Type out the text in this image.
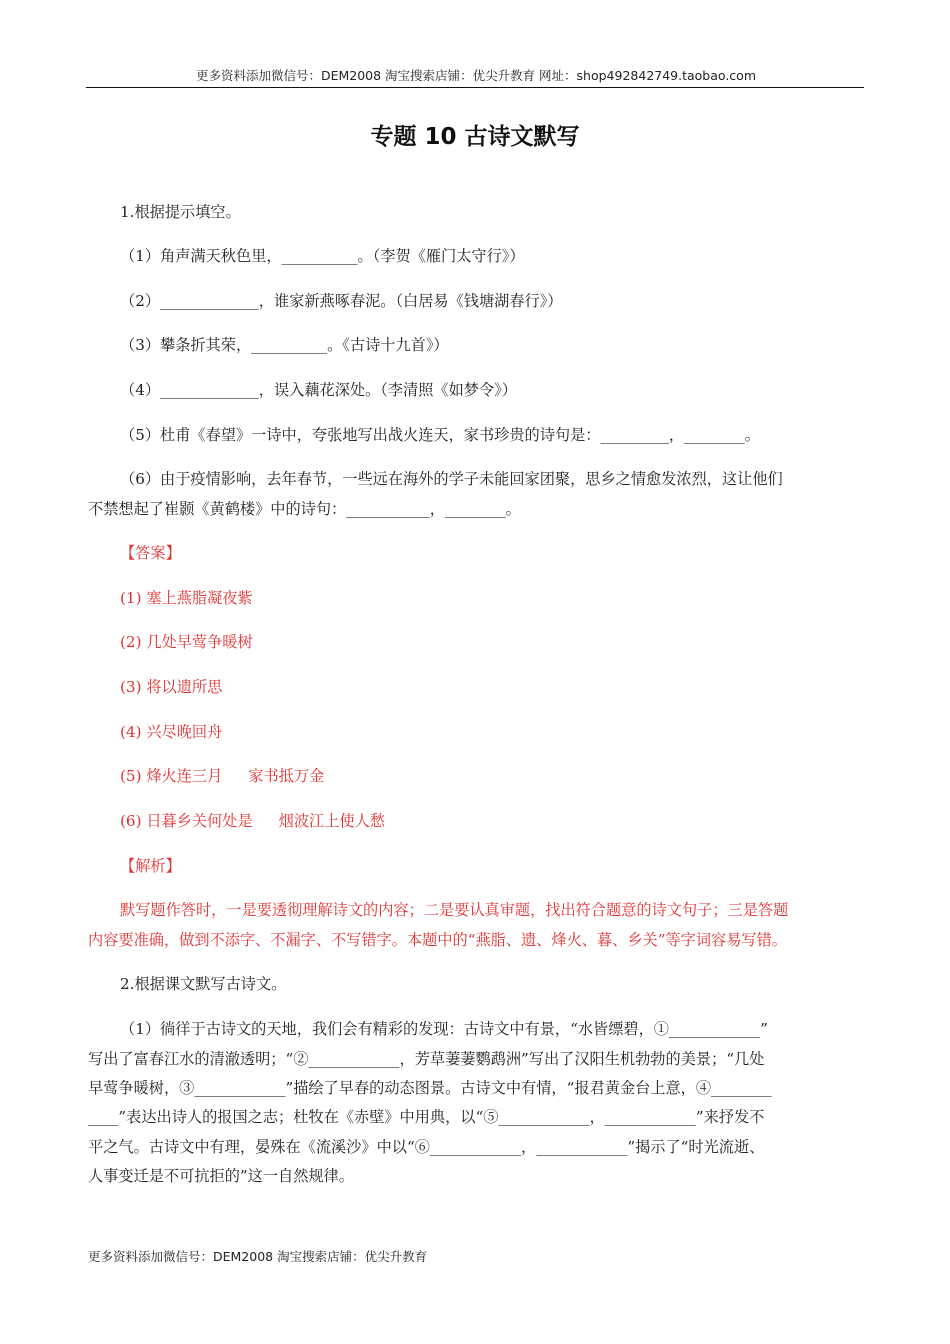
更多资料添加微信号：DEM2008 淘宝搜索店铺：优尖升教育 网址：shop492842749.taobao.com
专题 10 古诗文默写
1.根据提示填空。
（1）角声满天秋色里，__________。（李贺《雁门太守行》）
（2）_____________，谁家新燕啄春泥。（白居易《钱塘湖春行》）
（3）攀条折其荣，__________。《古诗十九首》）
（4）_____________，误入藕花深处。（李清照《如梦令》）
（5）杜甫《春望》一诗中，夸张地写出战火连天，家书珍贵的诗句是：_________，________。
（6）由于疫情影响，去年春节，一些远在海外的学子未能回家团聚，思乡之情愈发浓烈，这让他们
不禁想起了崔颢《黄鹤楼》中的诗句：___________，________。
【答案】
(1) 塞上燕脂凝夜紫
(2) 几处早莺争暖树
(3) 将以遗所思
(4) 兴尽晚回舟
(5) 烽火连三月 家书抵万金
(6) 日暮乡关何处是 烟波江上使人愁
【解析】
默写题作答时，一是要透彻理解诗文的内容；二是要认真审题，找出符合题意的诗文句子；三是答题
内容要准确，做到不添字、不漏字、不写错字。本题中的“燕脂、遗、烽火、暮、乡关”等字词容易写错。
2.根据课文默写古诗文。
（1）徜徉于古诗文的天地，我们会有精彩的发现：古诗文中有景，“水皆缥碧，①____________”
写出了富春江水的清澈透明；“②____________，芳草萋萋鹦鹉洲”写出了汉阳生机勃勃的美景；“几处
早莺争暖树，③____________”描绘了早春的动态图景。古诗文中有情，“报君黄金台上意，④________
____”表达出诗人的报国之志；杜牧在《赤壁》中用典，以“⑤____________，____________”来抒发不
平之气。古诗文中有理，晏殊在《流溪沙》中以“⑥____________，____________”揭示了“时光流逝、
人事变迁是不可抗拒的”这一自然规律。
更多资料添加微信号：DEM2008 淘宝搜索店铺：优尖升教育
